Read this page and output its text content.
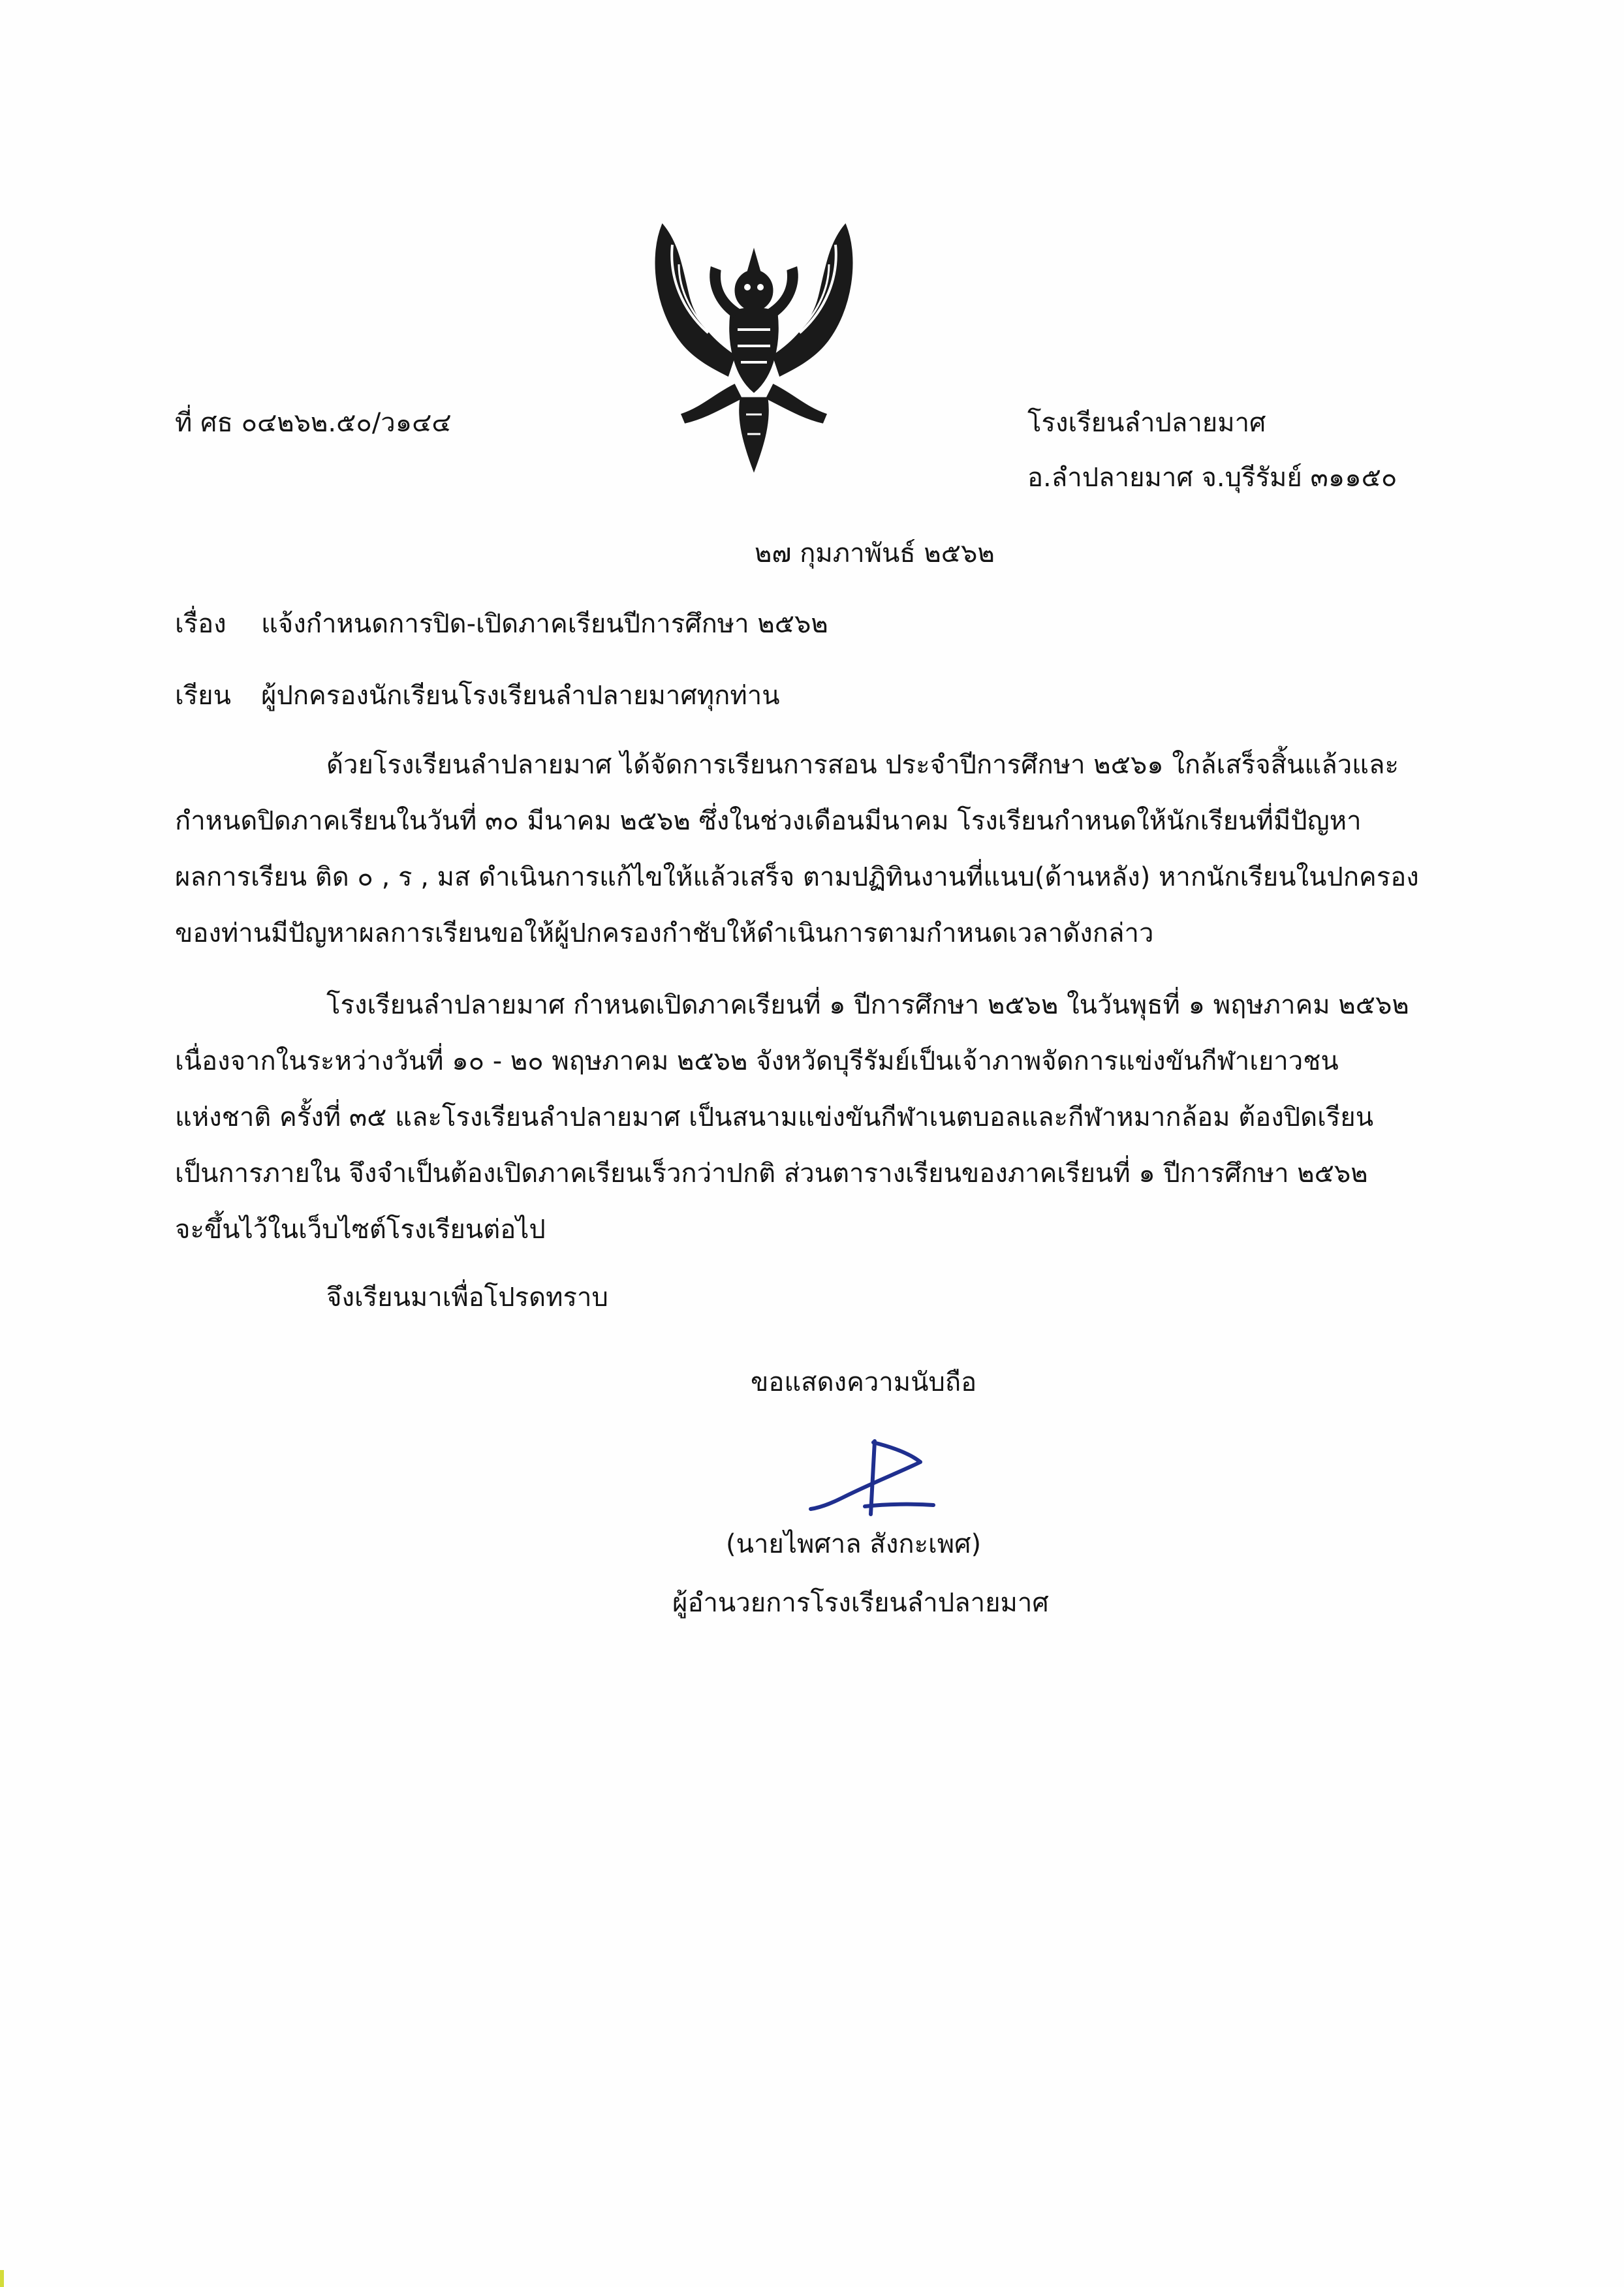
ที่ ศธ ๐๔๒๖๒.๕๐/ว๑๔๔	โรงเรียนลำปลายมาศ
อ.ลำปลายมาศ จ.บุรีรัมย์ ๓๑๑๕๐
๒๗ กุมภาพันธ์ ๒๕๖๒
เรื่อง แจ้งกำหนดการปิด-เปิดภาคเรียนปีการศึกษา ๒๕๖๒
เรียน ผู้ปกครองนักเรียนโรงเรียนลำปลายมาศทุกท่าน
ด้วยโรงเรียนลำปลายมาศ ได้จัดการเรียนการสอน ประจำปีการศึกษา ๒๕๖๑ ใกล้เสร็จสิ้นแล้วและ
กำหนดปิดภาคเรียนในวันที่ ๓๐ มีนาคม ๒๕๖๒ ซึ่งในช่วงเดือนมีนาคม โรงเรียนกำหนดให้นักเรียนที่มีปัญหา
ผลการเรียน ติด ๐ , ร , มส ดำเนินการแก้ไขให้แล้วเสร็จ ตามปฏิทินงานที่แนบ(ด้านหลัง) หากนักเรียนในปกครอง
ของท่านมีปัญหาผลการเรียนขอให้ผู้ปกครองกำชับให้ดำเนินการตามกำหนดเวลาดังกล่าว
โรงเรียนลำปลายมาศ กำหนดเปิดภาคเรียนที่ ๑ ปีการศึกษา ๒๕๖๒ ในวันพุธที่ ๑ พฤษภาคม ๒๕๖๒
เนื่องจากในระหว่างวันที่ ๑๐ - ๒๐ พฤษภาคม ๒๕๖๒ จังหวัดบุรีรัมย์เป็นเจ้าภาพจัดการแข่งขันกีฬาเยาวชน
แห่งชาติ ครั้งที่ ๓๕ และโรงเรียนลำปลายมาศ เป็นสนามแข่งขันกีฬาเนตบอลและกีฬาหมากล้อม ต้องปิดเรียน
เป็นการภายใน จึงจำเป็นต้องเปิดภาคเรียนเร็วกว่าปกติ ส่วนตารางเรียนของภาคเรียนที่ ๑ ปีการศึกษา ๒๕๖๒
จะขึ้นไว้ในเว็บไซต์โรงเรียนต่อไป
จึงเรียนมาเพื่อโปรดทราบ
ขอแสดงความนับถือ
(นายไพศาล สังกะเพศ)
ผู้อำนวยการโรงเรียนลำปลายมาศ
